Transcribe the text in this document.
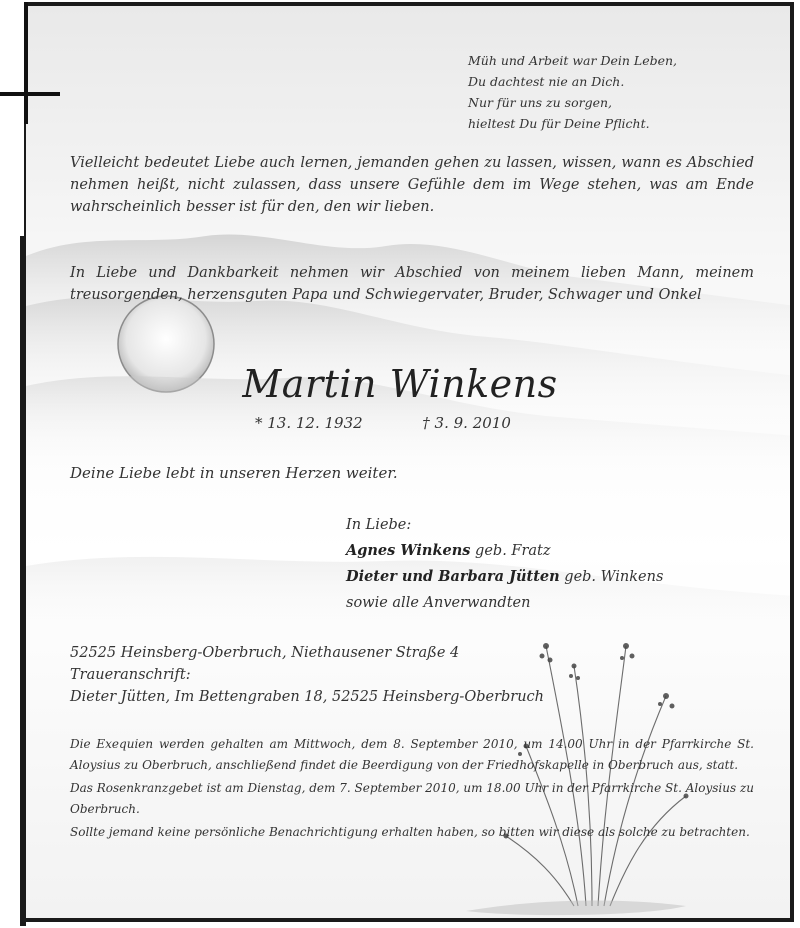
Müh und Arbeit war Dein Leben,
Du dachtest nie an Dich.
Nur für uns zu sorgen,
hieltest Du für Deine Pflicht.
Vielleicht bedeutet Liebe auch lernen, jemanden gehen zu lassen, wissen, wann es Abschied nehmen heißt, nicht zulassen, dass unsere Gefühle dem im Wege stehen, was am Ende wahrscheinlich besser ist für den, den wir lieben.
In Liebe und Dankbarkeit nehmen wir Abschied von meinem lieben Mann, meinem treusorgenden, herzensguten Papa und Schwiegervater, Bruder, Schwager und Onkel
Martin Winkens
* 13. 12. 1932	† 3. 9. 2010
Deine Liebe lebt in unseren Herzen weiter.
In Liebe:
Agnes Winkens geb. Fratz
Dieter und Barbara Jütten geb. Winkens
sowie alle Anverwandten
52525 Heinsberg-Oberbruch, Niethausener Straße 4
Traueranschrift:
Dieter Jütten, Im Bettengraben 18, 52525 Heinsberg-Oberbruch

Die Exequien werden gehalten am Mittwoch, dem 8. September 2010, um 14.00 Uhr in der Pfarrkirche St. Aloysius zu Oberbruch, anschließend findet die Beerdigung von der Friedhofskapelle in Oberbruch aus, statt.

Das Rosenkranzgebet ist am Dienstag, dem 7. September 2010, um 18.00 Uhr in der Pfarrkirche St. Aloysius zu Oberbruch.

Sollte jemand keine persönliche Benachrichtigung erhalten haben, so bitten wir diese als solche zu betrachten.
